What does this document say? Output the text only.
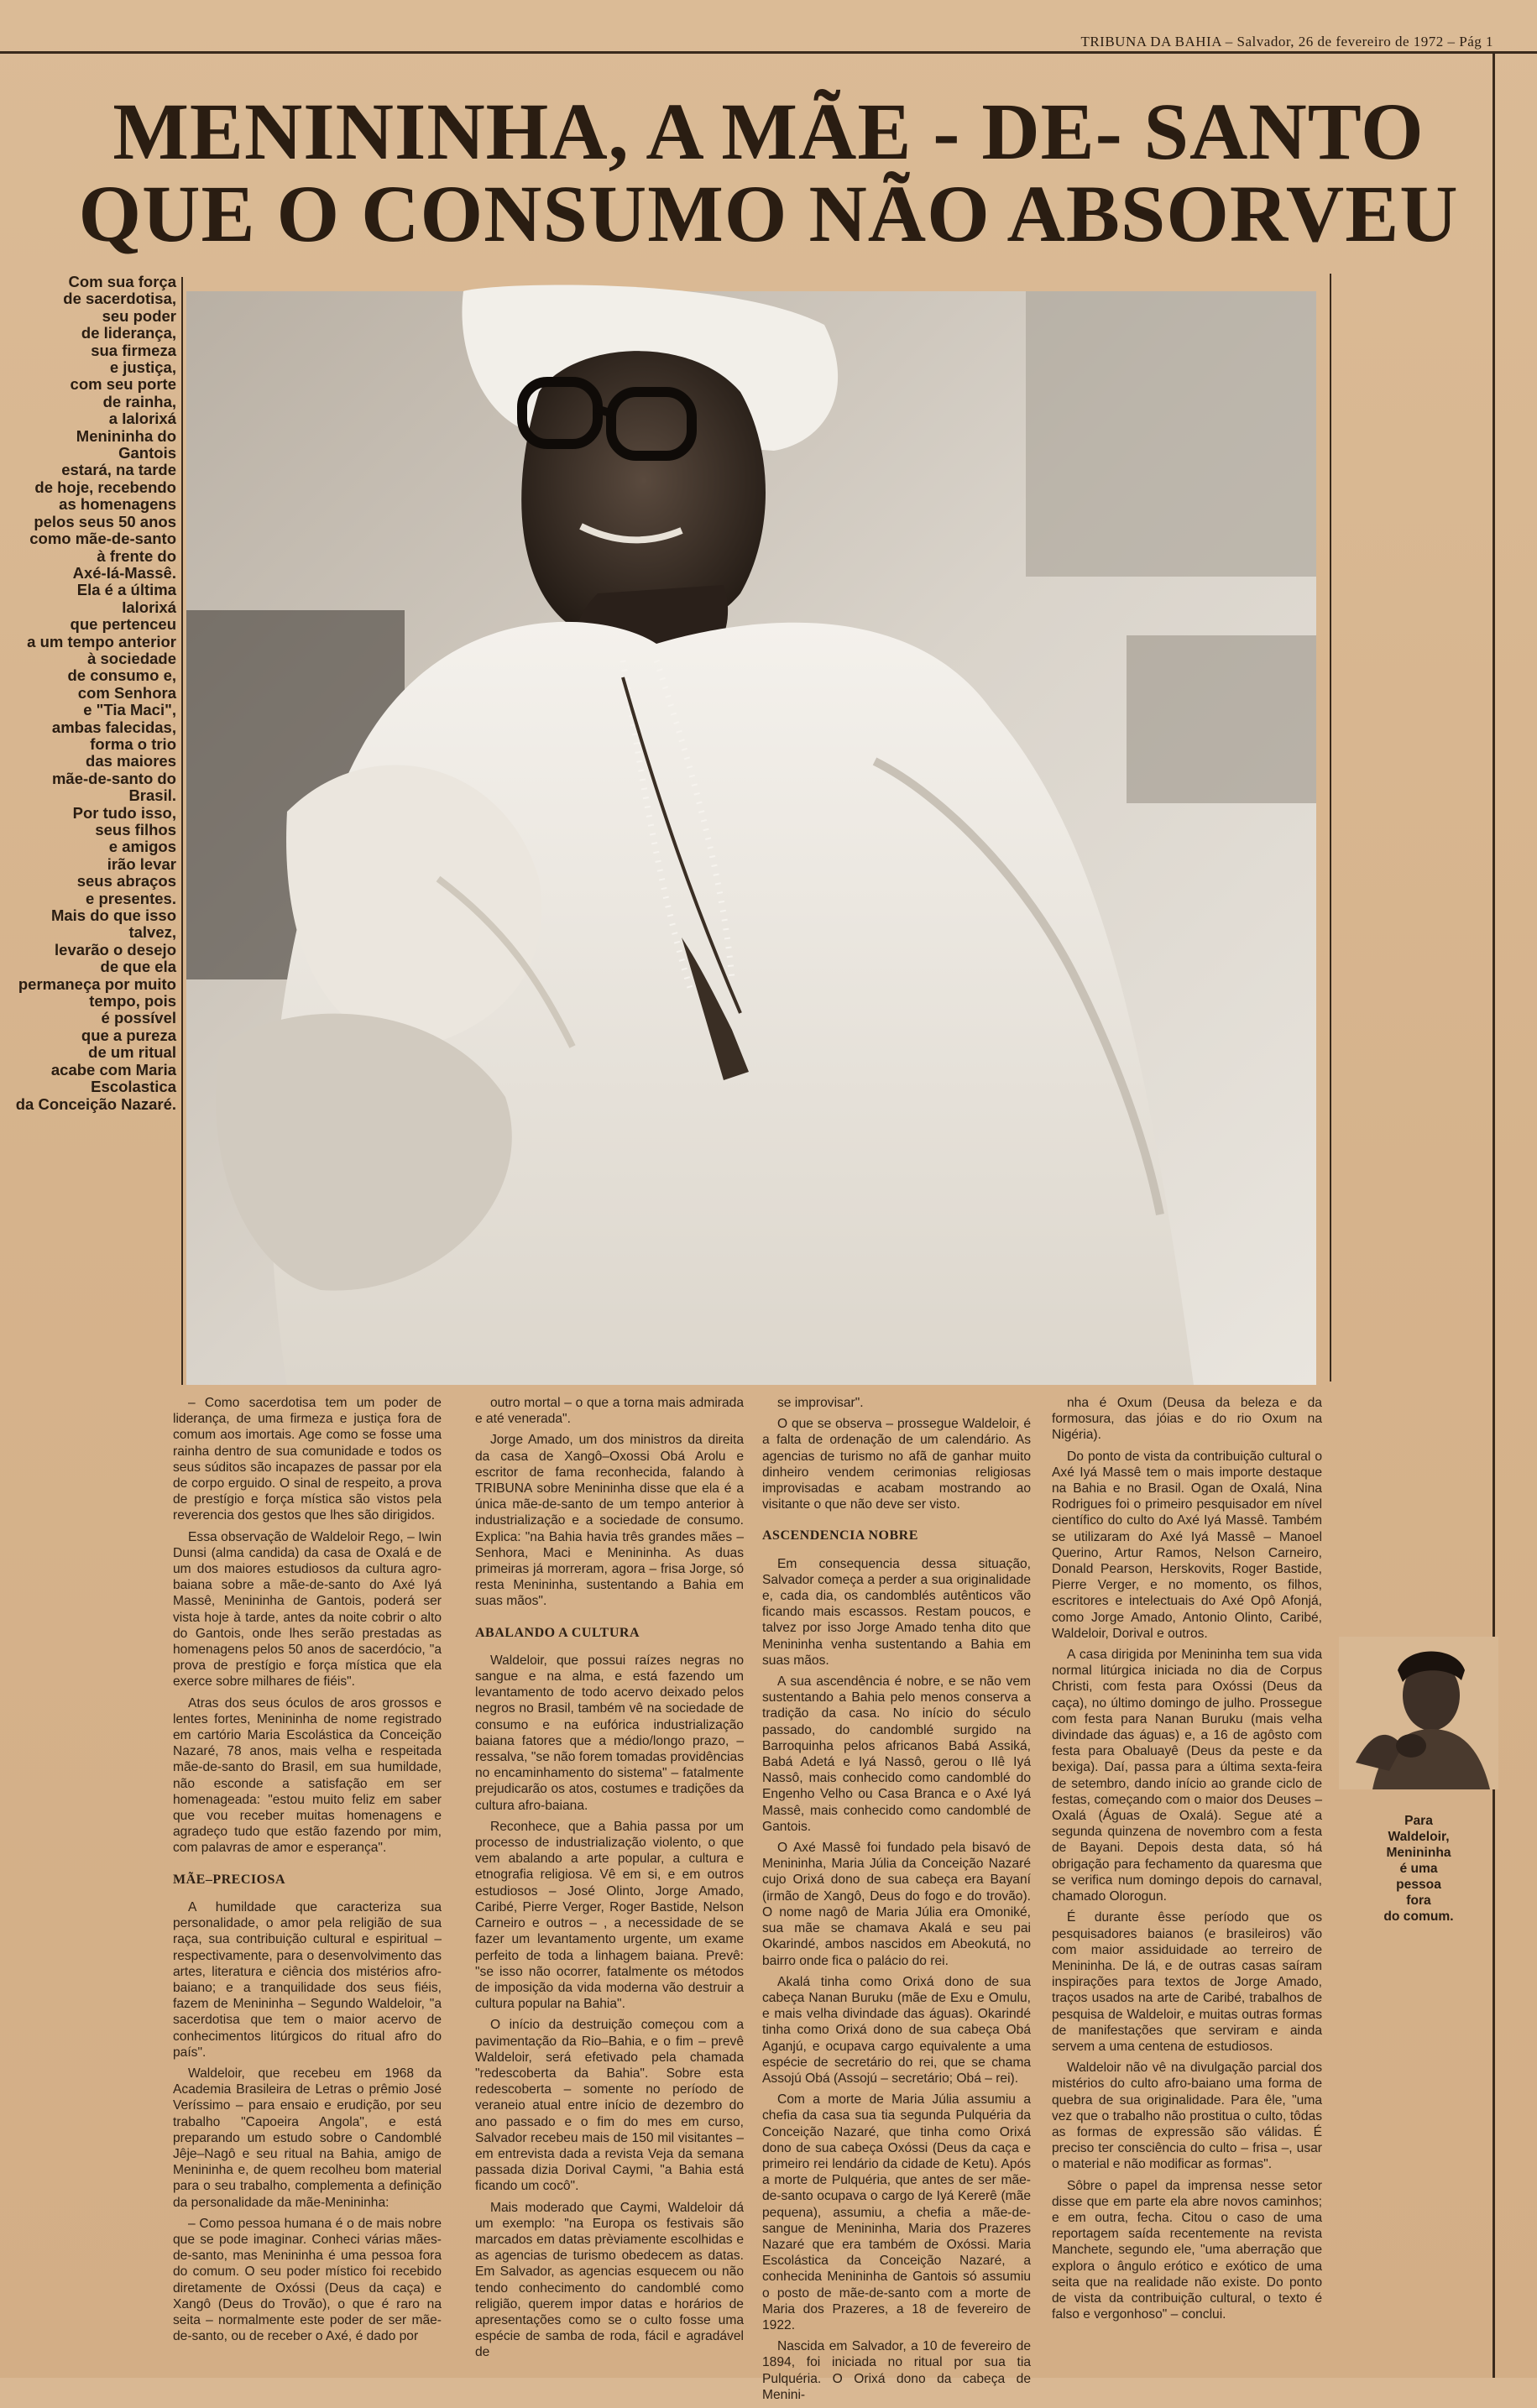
TRIBUNA DA BAHIA – Salvador, 26 de fevereiro de 1972 – Pág 1
MENININHA, A MÃE - DE- SANTO
QUE O CONSUMO NÃO ABSORVEU
Com sua força
de sacerdotisa,
seu poder
de liderança,
sua firmeza
e justiça,
com seu porte
de rainha,
a Ialorixá
Menininha do Gantois
estará, na tarde
de hoje, recebendo
as homenagens
pelos seus 50 anos
como mãe-de-santo
à frente do
Axé-Iá-Massê.
Ela é a última
Ialorixá
que pertenceu
a um tempo anterior
à sociedade
de consumo e,
com Senhora
e "Tia Maci",
ambas falecidas,
forma o trio
das maiores
mãe-de-santo do Brasil.
Por tudo isso,
seus filhos
e amigos
irão levar
seus abraços
e presentes.
Mais do que isso
talvez,
levarão o desejo
de que ela
permaneça por muito
tempo, pois
é possível
que a pureza
de um ritual
acabe com Maria
Escolastica
da Conceição Nazaré.

– Como sacerdotisa tem um poder de liderança, de uma firmeza e justiça fora de comum aos imortais. Age como se fosse uma rainha dentro de sua comunidade e todos os seus súditos são incapazes de passar por ela de corpo erguido. O sinal de respeito, a prova de prestígio e força mística são vistos pela reverencia dos gestos que lhes são dirigidos.

Essa observação de Waldeloir Rego, – Iwin Dunsi (alma candida) da casa de Oxalá e de um dos maiores estudiosos da cultura agro-baiana sobre a mãe-de-santo do Axé Iyá Massê, Menininha de Gantois, poderá ser vista hoje à tarde, antes da noite cobrir o alto do Gantois, onde lhes serão prestadas as homenagens pelos 50 anos de sacerdócio, "a prova de prestígio e força mística que ela exerce sobre milhares de fiéis".

Atras dos seus óculos de aros grossos e lentes fortes, Menininha de nome registrado em cartório Maria Escolástica da Conceição Nazaré, 78 anos, mais velha e respeitada mãe-de-santo do Brasil, em sua humildade, não esconde a satisfação em ser homenageada: "estou muito feliz em saber que vou receber muitas homenagens e agradeço tudo que estão fazendo por mim, com palavras de amor e esperança".

MÃE–PRECIOSA

A humildade que caracteriza sua personalidade, o amor pela religião de sua raça, sua contribuição cultural e espiritual – respectivamente, para o desenvolvimento das artes, literatura e ciência dos mistérios afro-baiano; e a tranquilidade dos seus fiéis, fazem de Menininha – Segundo Waldeloir, "a sacerdotisa que tem o maior acervo de conhecimentos litúrgicos do ritual afro do país".

Waldeloir, que recebeu em 1968 da Academia Brasileira de Letras o prêmio José Veríssimo – para ensaio e erudição, por seu trabalho "Capoeira Angola", e está preparando um estudo sobre o Candomblé Jêje–Nagô e seu ritual na Bahia, amigo de Menininha e, de quem recolheu bom material para o seu trabalho, complementa a definição da personalidade da mãe-Menininha:

– Como pessoa humana é o de mais nobre que se pode imaginar. Conheci várias mães-de-santo, mas Menininha é uma pessoa fora do comum. O seu poder místico foi recebido diretamente de Oxóssi (Deus da caça) e Xangô (Deus do Trovão), o que é raro na seita – normalmente este poder de ser mãe-de-santo, ou de receber o Axé, é dado por

outro mortal – o que a torna mais admirada e até venerada".

Jorge Amado, um dos ministros da direita da casa de Xangô–Oxossi Obá Arolu e escritor de fama reconhecida, falando à TRIBUNA sobre Menininha disse que ela é a única mãe-de-santo de um tempo anterior à industrialização e a sociedade de consumo. Explica: "na Bahia havia três grandes mães – Senhora, Maci e Menininha. As duas primeiras já morreram, agora – frisa Jorge, só resta Menininha, sustentando a Bahia em suas mãos".

ABALANDO A CULTURA

Waldeloir, que possui raízes negras no sangue e na alma, e está fazendo um levantamento de todo acervo deixado pelos negros no Brasil, também vê na sociedade de consumo e na eufórica industrialização baiana fatores que a médio/longo prazo, – ressalva, "se não forem tomadas providências no encaminhamento do sistema" – fatalmente prejudicarão os atos, costumes e tradições da cultura afro-baiana.

Reconhece, que a Bahia passa por um processo de industrialização violento, o que vem abalando a arte popular, a cultura e etnografia religiosa. Vê em si, e em outros estudiosos – José Olinto, Jorge Amado, Caribé, Pierre Verger, Roger Bastide, Nelson Carneiro e outros – , a necessidade de se fazer um levantamento urgente, um exame perfeito de toda a linhagem baiana. Prevê: "se isso não ocorrer, fatalmente os métodos de imposição da vida moderna vão destruir a cultura popular na Bahia".

O início da destruição começou com a pavimentação da Rio–Bahia, e o fim – prevê Waldeloir, será efetivado pela chamada "redescoberta da Bahia". Sobre esta redescoberta – somente no período de veraneio atual entre início de dezembro do ano passado e o fim do mes em curso, Salvador recebeu mais de 150 mil visitantes – em entrevista dada a revista Veja da semana passada dizia Dorival Caymi, "a Bahia está ficando um cocô".

Mais moderado que Caymi, Waldeloir dá um exemplo: "na Europa os festivais são marcados em datas prèviamente escolhidas e as agencias de turismo obedecem as datas. Em Salvador, as agencias esquecem ou não tendo conhecimento do candomblé como religião, querem impor datas e horários de apresentações como se o culto fosse uma espécie de samba de roda, fácil e agradável de

se improvisar".

O que se observa – prossegue Waldeloir, é a falta de ordenação de um calendário. As agencias de turismo no afã de ganhar muito dinheiro vendem cerimonias religiosas improvisadas e acabam mostrando ao visitante o que não deve ser visto.

ASCENDENCIA NOBRE

Em consequencia dessa situação, Salvador começa a perder a sua originalidade e, cada dia, os candomblés autênticos vão ficando mais escassos. Restam poucos, e talvez por isso Jorge Amado tenha dito que Menininha venha sustentando a Bahia em suas mãos.

A sua ascendência é nobre, e se não vem sustentando a Bahia pelo menos conserva a tradição da casa. No início do século passado, do candomblé surgido na Barroquinha pelos africanos Babá Assiká, Babá Adetá e Iyá Nassô, gerou o Ilê Iyá Nassô, mais conhecido como candomblé do Engenho Velho ou Casa Branca e o Axé Iyá Massê, mais conhecido como candomblé de Gantois.

O Axé Massê foi fundado pela bisavó de Menininha, Maria Júlia da Conceição Nazaré cujo Orixá dono de sua cabeça era Bayaní (irmão de Xangô, Deus do fogo e do trovão). O nome nagô de Maria Júlia era Omoniké, sua mãe se chamava Akalá e seu pai Okarindé, ambos nascidos em Abeokutá, no bairro onde fica o palácio do rei.

Akalá tinha como Orixá dono de sua cabeça Nanan Buruku (mãe de Exu e Omulu, e mais velha divindade das águas). Okarindé tinha como Orixá dono de sua cabeça Obá Aganjú, e ocupava cargo equivalente a uma espécie de secretário do rei, que se chama Assojú Obá (Assojú – secretário; Obá – rei).

Com a morte de Maria Júlia assumiu a chefia da casa sua tia segunda Pulquéria da Conceição Nazaré, que tinha como Orixá dono de sua cabeça Oxóssi (Deus da caça e primeiro rei lendário da cidade de Ketu). Após a morte de Pulquéria, que antes de ser mãe-de-santo ocupava o cargo de Iyá Kererê (mãe pequena), assumiu, a chefia a mãe-de-sangue de Menininha, Maria dos Prazeres Nazaré que era também de Oxóssi. Maria Escolástica da Conceição Nazaré, a conhecida Menininha de Gantois só assumiu o posto de mãe-de-santo com a morte de Maria dos Prazeres, a 18 de fevereiro de 1922.

Nascida em Salvador, a 10 de fevereiro de 1894, foi iniciada no ritual por sua tia Pulquéria. O Orixá dono da cabeça de Menini-

nha é Oxum (Deusa da beleza e da formosura, das jóias e do rio Oxum na Nigéria).

Do ponto de vista da contribuição cultural o Axé Iyá Massê tem o mais importe destaque na Bahia e no Brasil. Ogan de Oxalá, Nina Rodrigues foi o primeiro pesquisador em nível científico do culto do Axé Iyá Massê. Também se utilizaram do Axé Iyá Massê – Manoel Querino, Artur Ramos, Nelson Carneiro, Donald Pearson, Herskovits, Roger Bastide, Pierre Verger, e no momento, os filhos, escritores e intelectuais do Axé Opô Afonjá, como Jorge Amado, Antonio Olinto, Caribé, Waldeloir, Dorival e outros.

A casa dirigida por Menininha tem sua vida normal litúrgica iniciada no dia de Corpus Christi, com festa para Oxóssi (Deus da caça), no último domingo de julho. Prossegue com festa para Nanan Buruku (mais velha divindade das águas) e, a 16 de agôsto com festa para Obaluayê (Deus da peste e da bexiga). Daí, passa para a última sexta-feira de setembro, dando início ao grande ciclo de festas, começando com o maior dos Deuses – Oxalá (Águas de Oxalá). Segue até a segunda quinzena de novembro com a festa de Bayani. Depois desta data, só há obrigação para fechamento da quaresma que se verifica num domingo depois do carnaval, chamado Olorogun.

É durante êsse período que os pesquisadores baianos (e brasileiros) vão com maior assiduidade ao terreiro de Menininha. De lá, e de outras casas saíram inspirações para textos de Jorge Amado, traços usados na arte de Caribé, trabalhos de pesquisa de Waldeloir, e muitas outras formas de manifestações que serviram e ainda servem a uma centena de estudiosos.

Waldeloir não vê na divulgação parcial dos mistérios do culto afro-baiano uma forma de quebra de sua originalidade. Para êle, "uma vez que o trabalho não prostitua o culto, tôdas as formas de expressão são válidas. É preciso ter consciência do culto – frisa –, usar o material e não modificar as formas".

Sôbre o papel da imprensa nesse setor disse que em parte ela abre novos caminhos; e em outra, fecha. Citou o caso de uma reportagem saída recentemente na revista Manchete, segundo ele, "uma aberração que explora o ângulo erótico e exótico de uma seita que na realidade não existe. Do ponto de vista da contribuição cultural, o texto é falso e vergonhoso" – conclui.

Para
Waldeloir,
Menininha
é uma
pessoa
fora
do comum.
